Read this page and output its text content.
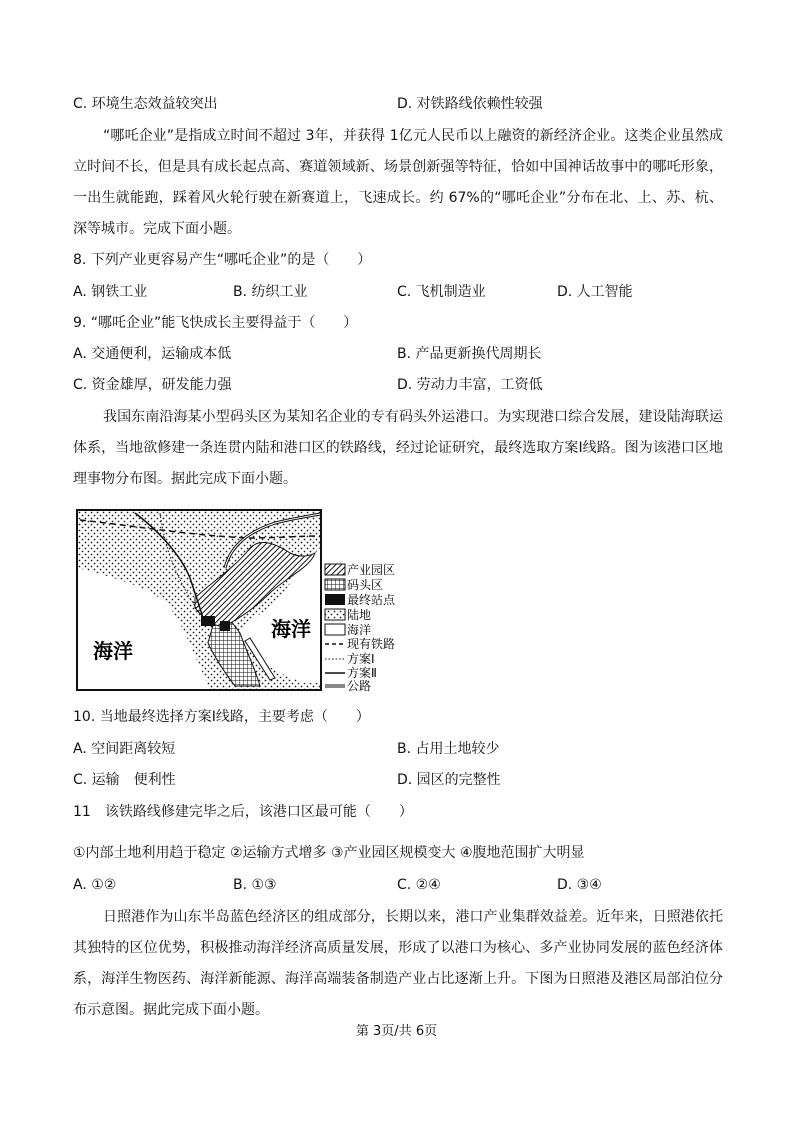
C. 环境生态效益较突出	D. 对铁路线依赖性较强
“哪吒企业”是指成立时间不超过 3年，并获得 1亿元人民币以上融资的新经济企业。这类企业虽然成立时间不长，但是具有成长起点高、赛道领域新、场景创新强等特征，恰如中国神话故事中的哪吒形象，一出生就能跑，踩着风火轮行驶在新赛道上，飞速成长。约 67%的“哪吒企业”分布在北、上、苏、杭、深等城市。完成下面小题。
8. 下列产业更容易产生“哪吒企业”的是（　　）
A. 钢铁工业	B. 纺织工业	C. 飞机制造业	D. 人工智能
9. “哪吒企业”能飞快成长主要得益于（　　）
A. 交通便利，运输成本低	B. 产品更新换代周期长
C. 资金雄厚，研发能力强	D. 劳动力丰富，工资低
我国东南沿海某小型码头区为某知名企业的专有码头外运港口。为实现港口综合发展，建设陆海联运体系，当地欲修建一条连贯内陆和港口区的铁路线，经过论证研究，最终选取方案Ⅰ线路。图为该港口区地理事物分布图。据此完成下面小题。
海洋
海洋
产业园区
码头区
最终站点
陆地
海洋
现有铁路
方案Ⅰ
方案Ⅱ
公路
10. 当地最终选择方案Ⅰ线路，主要考虑（　　）
A. 空间距离较短	B. 占用土地较少
C. 运输　便利性	D. 园区的完整性
11　该铁路线修建完毕之后，该港口区最可能（　　）
①内部土地利用趋于稳定 ②运输方式增多 ③产业园区规模变大 ④腹地范围扩大明显
A. ①②	B. ①③	C. ②④	D. ③④
日照港作为山东半岛蓝色经济区的组成部分，长期以来，港口产业集群效益差。近年来，日照港依托其独特的区位优势，积极推动海洋经济高质量发展，形成了以港口为核心、多产业协同发展的蓝色经济体系，海洋生物医药、海洋新能源、海洋高端装备制造产业占比逐渐上升。下图为日照港及港区局部泊位分布示意图。据此完成下面小题。
第 3页/共 6页
